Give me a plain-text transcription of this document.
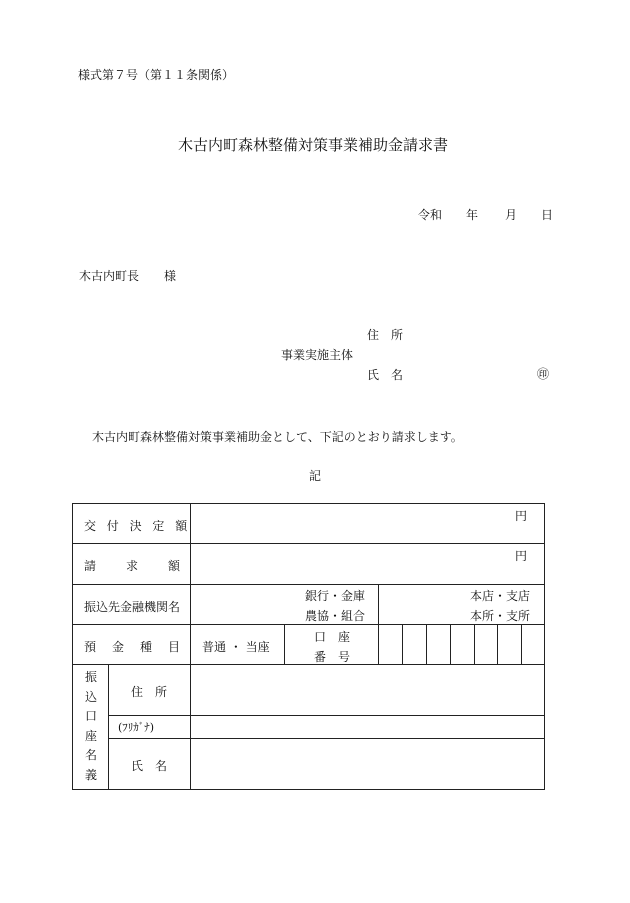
様式第７号（第１１条関係）
木古内町森林整備対策事業補助金請求書
令和 年 月 日
木古内町長 様
住　所
事業実施主体
氏　名	㊞
木古内町森林整備対策事業補助金として、下記のとおり請求します。
記
交付決定額
円
請 求 額
円
振込先金融機関名
銀行・金庫
農協・組合
本店・支店
本所・支所
預 金 種 目 普通 ・ 当座
口　座
番　号
振
込
口
座
名
義
住　所
(ﾌﾘｶﾞﾅ)
氏　名
